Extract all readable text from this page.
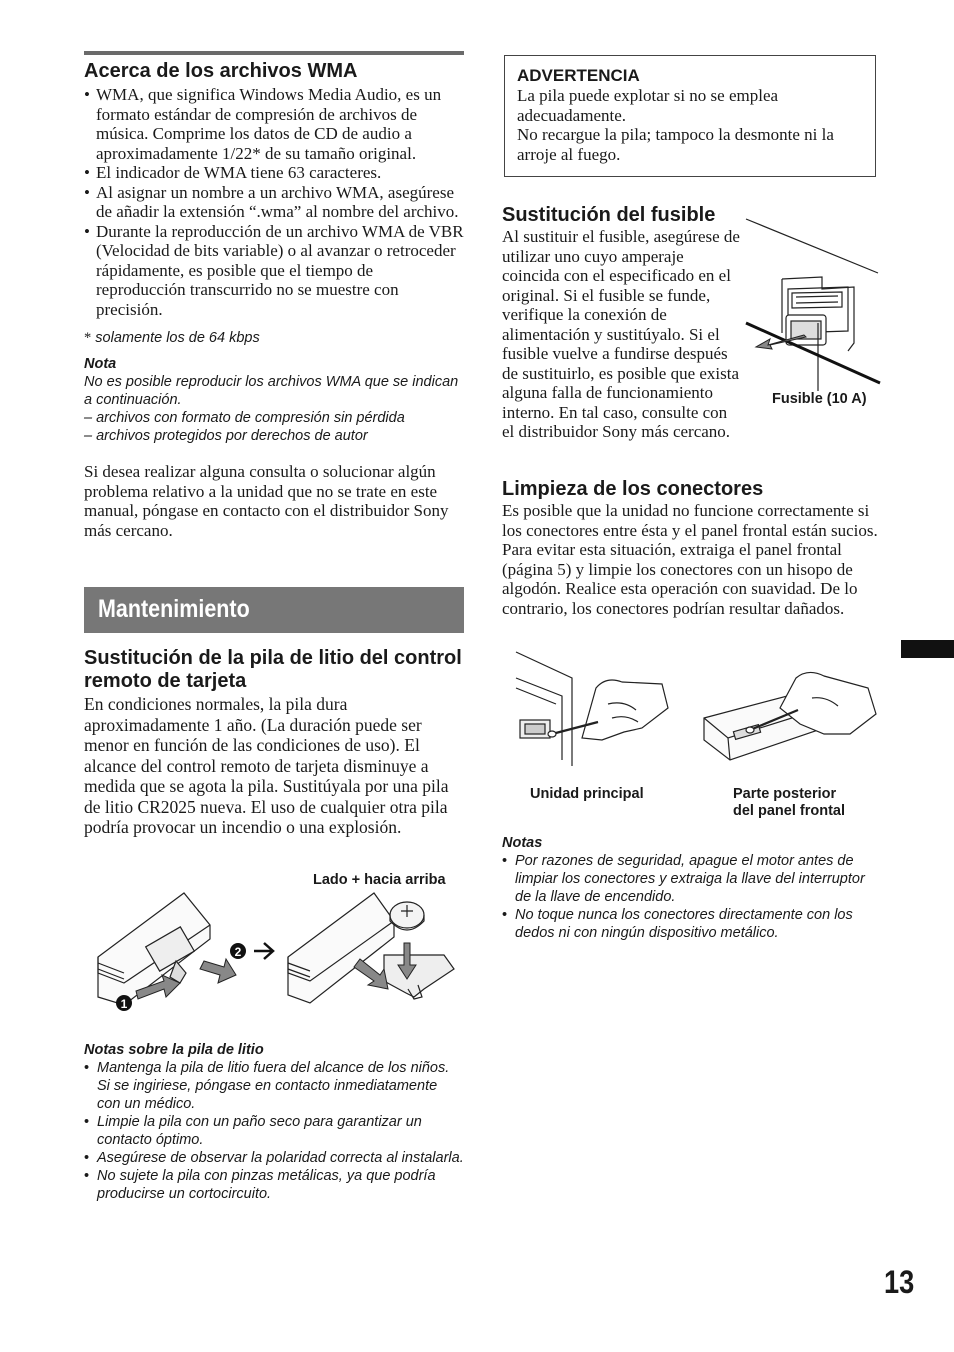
Acerca de los archivos WMA
• WMA, que significa Windows Media Audio, es un formato estándar de compresión de archivos de música. Comprime los datos de CD de audio a aproximadamente 1/22* de su tamaño original.
• El indicador de WMA tiene 63 caracteres.
• Al asignar un nombre a un archivo WMA, asegúrese de añadir la extensión “.wma” al nombre del archivo.
• Durante la reproducción de un archivo WMA de VBR (Velocidad de bits variable) o al avanzar o retroceder rápidamente, es posible que el tiempo de reproducción transcurrido no se muestre con precisión.

* solamente los de 64 kbps

Nota

No es posible reproducir los archivos WMA que se indican a continuación.

– archivos con formato de compresión sin pérdida

– archivos protegidos por derechos de autor

Si desea realizar alguna consulta o solucionar algún problema relativo a la unidad que no se trate en este manual, póngase en contacto con el distribuidor Sony más cercano.

Mantenimiento
Sustitución de la pila de litio del control remoto de tarjeta

En condiciones normales, la pila dura aproximadamente 1 año. (La duración puede ser menor en función de las condiciones de uso). El alcance del control remoto de tarjeta disminuye a medida que se agota la pila. Sustitúyala por una pila de litio CR2025 nueva. El uso de cualquier otra pila podría provocar un incendio o una explosión.

Lado + hacia arriba
2
1

Notas sobre la pila de litio

• Mantenga la pila de litio fuera del alcance de los niños. Si se ingiriese, póngase en contacto inmediatamente con un médico.
• Limpie la pila con un paño seco para garantizar un contacto óptimo.
• Asegúrese de observar la polaridad correcta al instalarla.
• No sujete la pila con pinzas metálicas, ya que podría producirse un cortocircuito.
ADVERTENCIA

La pila puede explotar si no se emplea adecuadamente.

No recargue la pila; tampoco la desmonte ni la arroje al fuego.

Sustitución del fusible

Al sustituir el fusible, asegúrese de utilizar uno cuyo amperaje coincida con el especificado en el original. Si el fusible se funde, verifique la conexión de alimentación y sustitúyalo. Si el fusible vuelve a fundirse después de sustituirlo, es posible que exista alguna falla de funcionamiento interno. En tal caso, consulte con el distribuidor Sony más cercano.

Fusible (10 A)
Limpieza de los conectores

Es posible que la unidad no funcione correctamente si los conectores entre ésta y el panel frontal están sucios. Para evitar esta situación, extraiga el panel frontal (página 5) y limpie los conectores con un hisopo de algodón. Realice esta operación con suavidad. De lo contrario, los conectores podrían resultar dañados.

Unidad principal	Parte posterior
del panel frontal

Notas

• Por razones de seguridad, apague el motor antes de limpiar los conectores y extraiga la llave del interruptor de la llave de encendido.
• No toque nunca los conectores directamente con los dedos ni con ningún dispositivo metálico.
13
